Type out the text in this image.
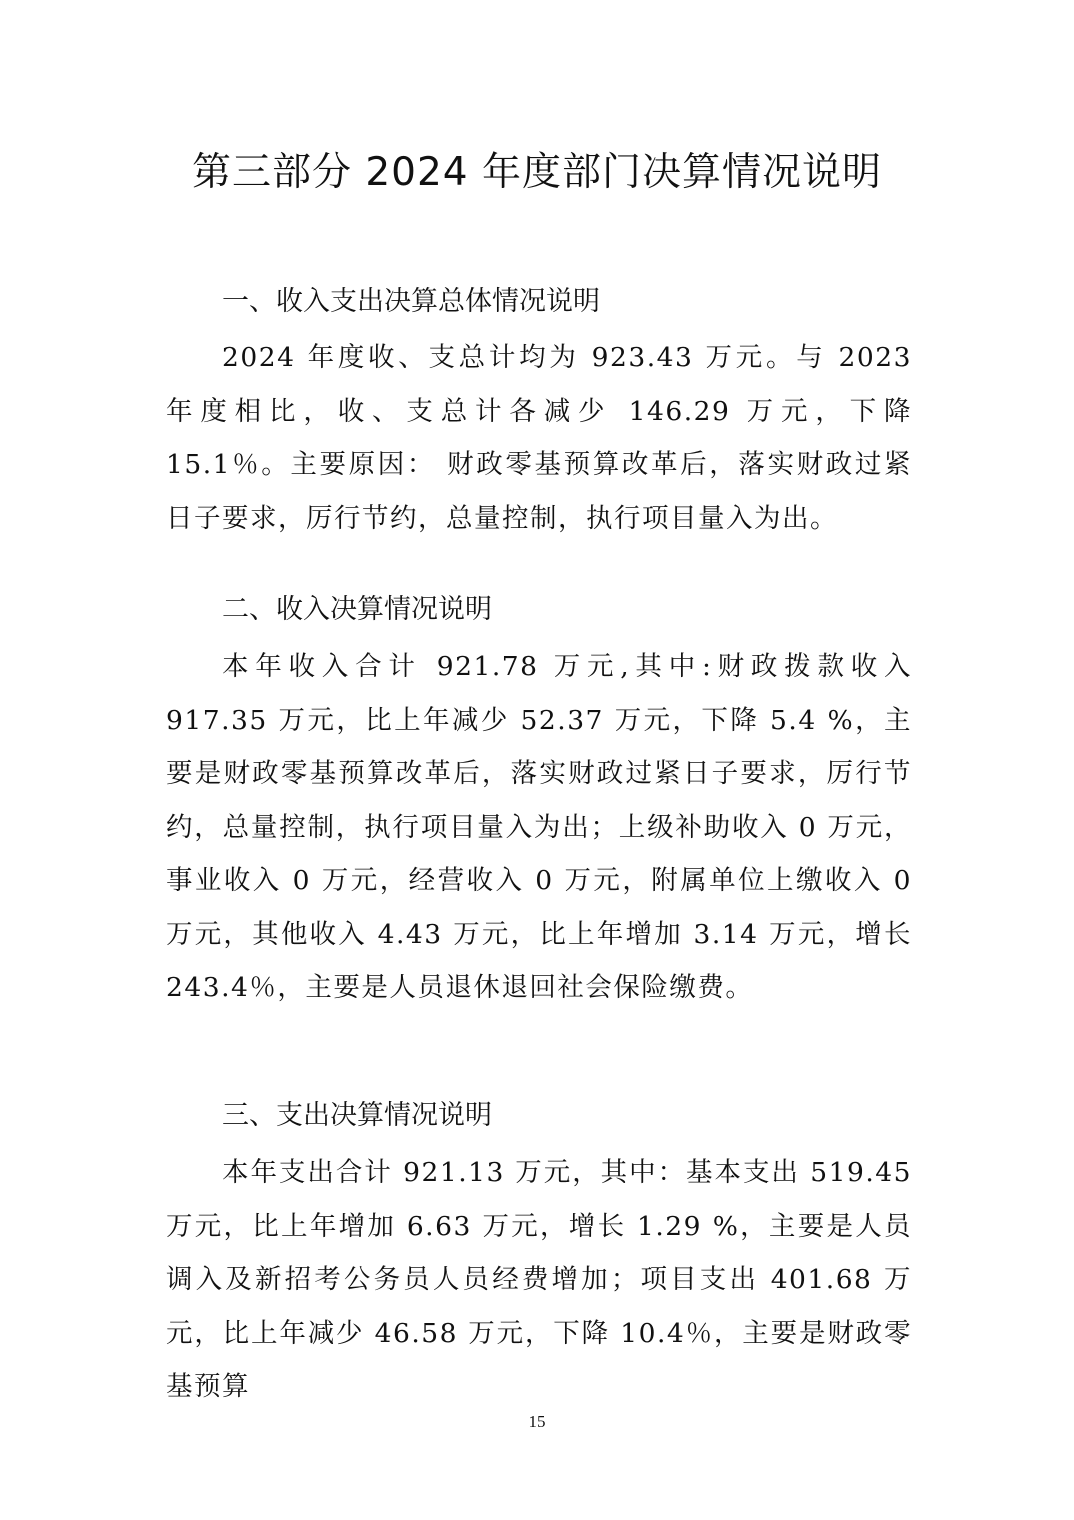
第三部分 2024 年度部门决算情况说明
一、收入支出决算总体情况说明

2024 年度收、支总计均为 923.43 万元。与 2023 年度相比，收、支总计各减少 146.29 万元，下降 15.1％。主要原因： 财政零基预算改革后，落实财政过紧日子要求，厉行节约，总量控制，执行项目量入为出。

二、收入决算情况说明

本年收入合计 921.78 万元,其中:财政拨款收入 917.35 万元，比上年减少 52.37 万元，下降 5.4 %，主要是财政零基预算改革后，落实财政过紧日子要求，厉行节约，总量控制，执行项目量入为出；上级补助收入 0 万元，事业收入 0 万元，经营收入 0 万元，附属单位上缴收入 0 万元，其他收入 4.43 万元，比上年增加 3.14 万元，增长 243.4％，主要是人员退休退回社会保险缴费。

三、支出决算情况说明

本年支出合计 921.13 万元，其中：基本支出 519.45 万元，比上年增加 6.63 万元，增长 1.29 %，主要是人员调入及新招考公务员人员经费增加；项目支出 401.68 万元，比上年减少 46.58 万元，下降 10.4％，主要是财政零基预算

15
